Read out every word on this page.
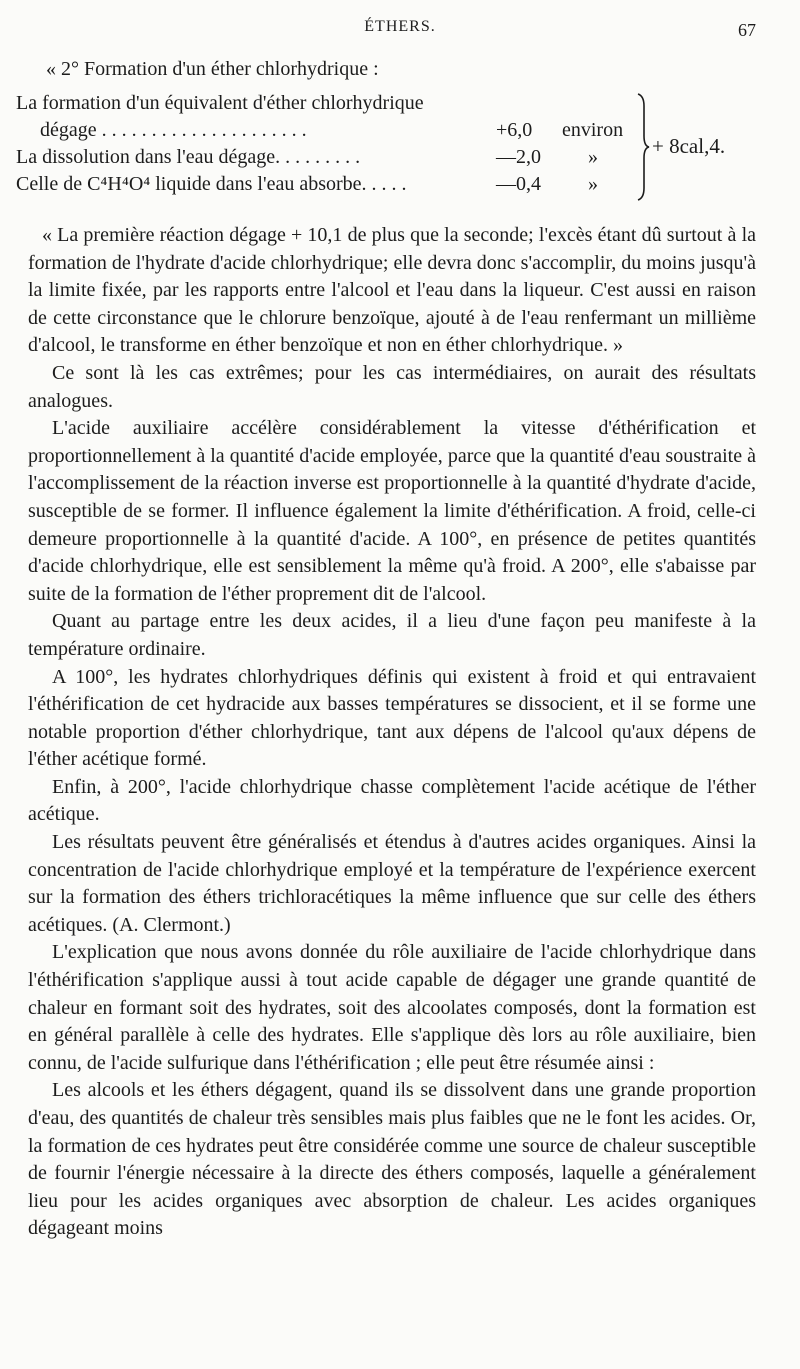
ÉTHERS.	67
« 2° Formation d'un éther chlorhydrique :
La formation d'un équivalent d'éther chlorhydrique
dégage . . . . . . . . . . . . . . . . . . . . .	+6,0 environ
La dissolution dans l'eau dégage. . . . . . . . .	—2,0 »
Celle de C⁴H⁴O⁴ liquide dans l'eau absorbe. . . . .	—0,4 »
+ 8cal,4.

« La première réaction dégage + 10,1 de plus que la seconde; l'excès étant dû surtout à la formation de l'hydrate d'acide chlorhydrique; elle devra donc s'accomplir, du moins jusqu'à la limite fixée, par les rapports entre l'alcool et l'eau dans la liqueur. C'est aussi en raison de cette circonstance que le chlorure benzoïque, ajouté à de l'eau renfermant un millième d'alcool, le transforme en éther benzoïque et non en éther chlorhydrique. »

Ce sont là les cas extrêmes; pour les cas intermédiaires, on aurait des résultats analogues.

L'acide auxiliaire accélère considérablement la vitesse d'éthérification et proportionnellement à la quantité d'acide employée, parce que la quantité d'eau soustraite à l'accomplissement de la réaction inverse est proportionnelle à la quantité d'hydrate d'acide, susceptible de se former. Il influence également la limite d'éthérification. A froid, celle-ci demeure proportionnelle à la quantité d'acide. A 100°, en présence de petites quantités d'acide chlorhydrique, elle est sensiblement la même qu'à froid. A 200°, elle s'abaisse par suite de la formation de l'éther proprement dit de l'alcool.

Quant au partage entre les deux acides, il a lieu d'une façon peu manifeste à la température ordinaire.

A 100°, les hydrates chlorhydriques définis qui existent à froid et qui entravaient l'éthérification de cet hydracide aux basses températures se dissocient, et il se forme une notable proportion d'éther chlorhydrique, tant aux dépens de l'alcool qu'aux dépens de l'éther acétique formé.

Enfin, à 200°, l'acide chlorhydrique chasse complètement l'acide acétique de l'éther acétique.

Les résultats peuvent être généralisés et étendus à d'autres acides organiques. Ainsi la concentration de l'acide chlorhydrique employé et la température de l'expérience exercent sur la formation des éthers trichloracétiques la même influence que sur celle des éthers acétiques. (A. Clermont.)

L'explication que nous avons donnée du rôle auxiliaire de l'acide chlorhydrique dans l'éthérification s'applique aussi à tout acide capable de dégager une grande quantité de chaleur en formant soit des hydrates, soit des alcoolates composés, dont la formation est en général parallèle à celle des hydrates. Elle s'applique dès lors au rôle auxiliaire, bien connu, de l'acide sulfurique dans l'éthérification ; elle peut être résumée ainsi :

Les alcools et les éthers dégagent, quand ils se dissolvent dans une grande proportion d'eau, des quantités de chaleur très sensibles mais plus faibles que ne le font les acides. Or, la formation de ces hydrates peut être considérée comme une source de chaleur susceptible de fournir l'énergie nécessaire à la directe des éthers composés, laquelle a généralement lieu pour les acides organiques avec absorption de chaleur. Les acides organiques dégageant moins
